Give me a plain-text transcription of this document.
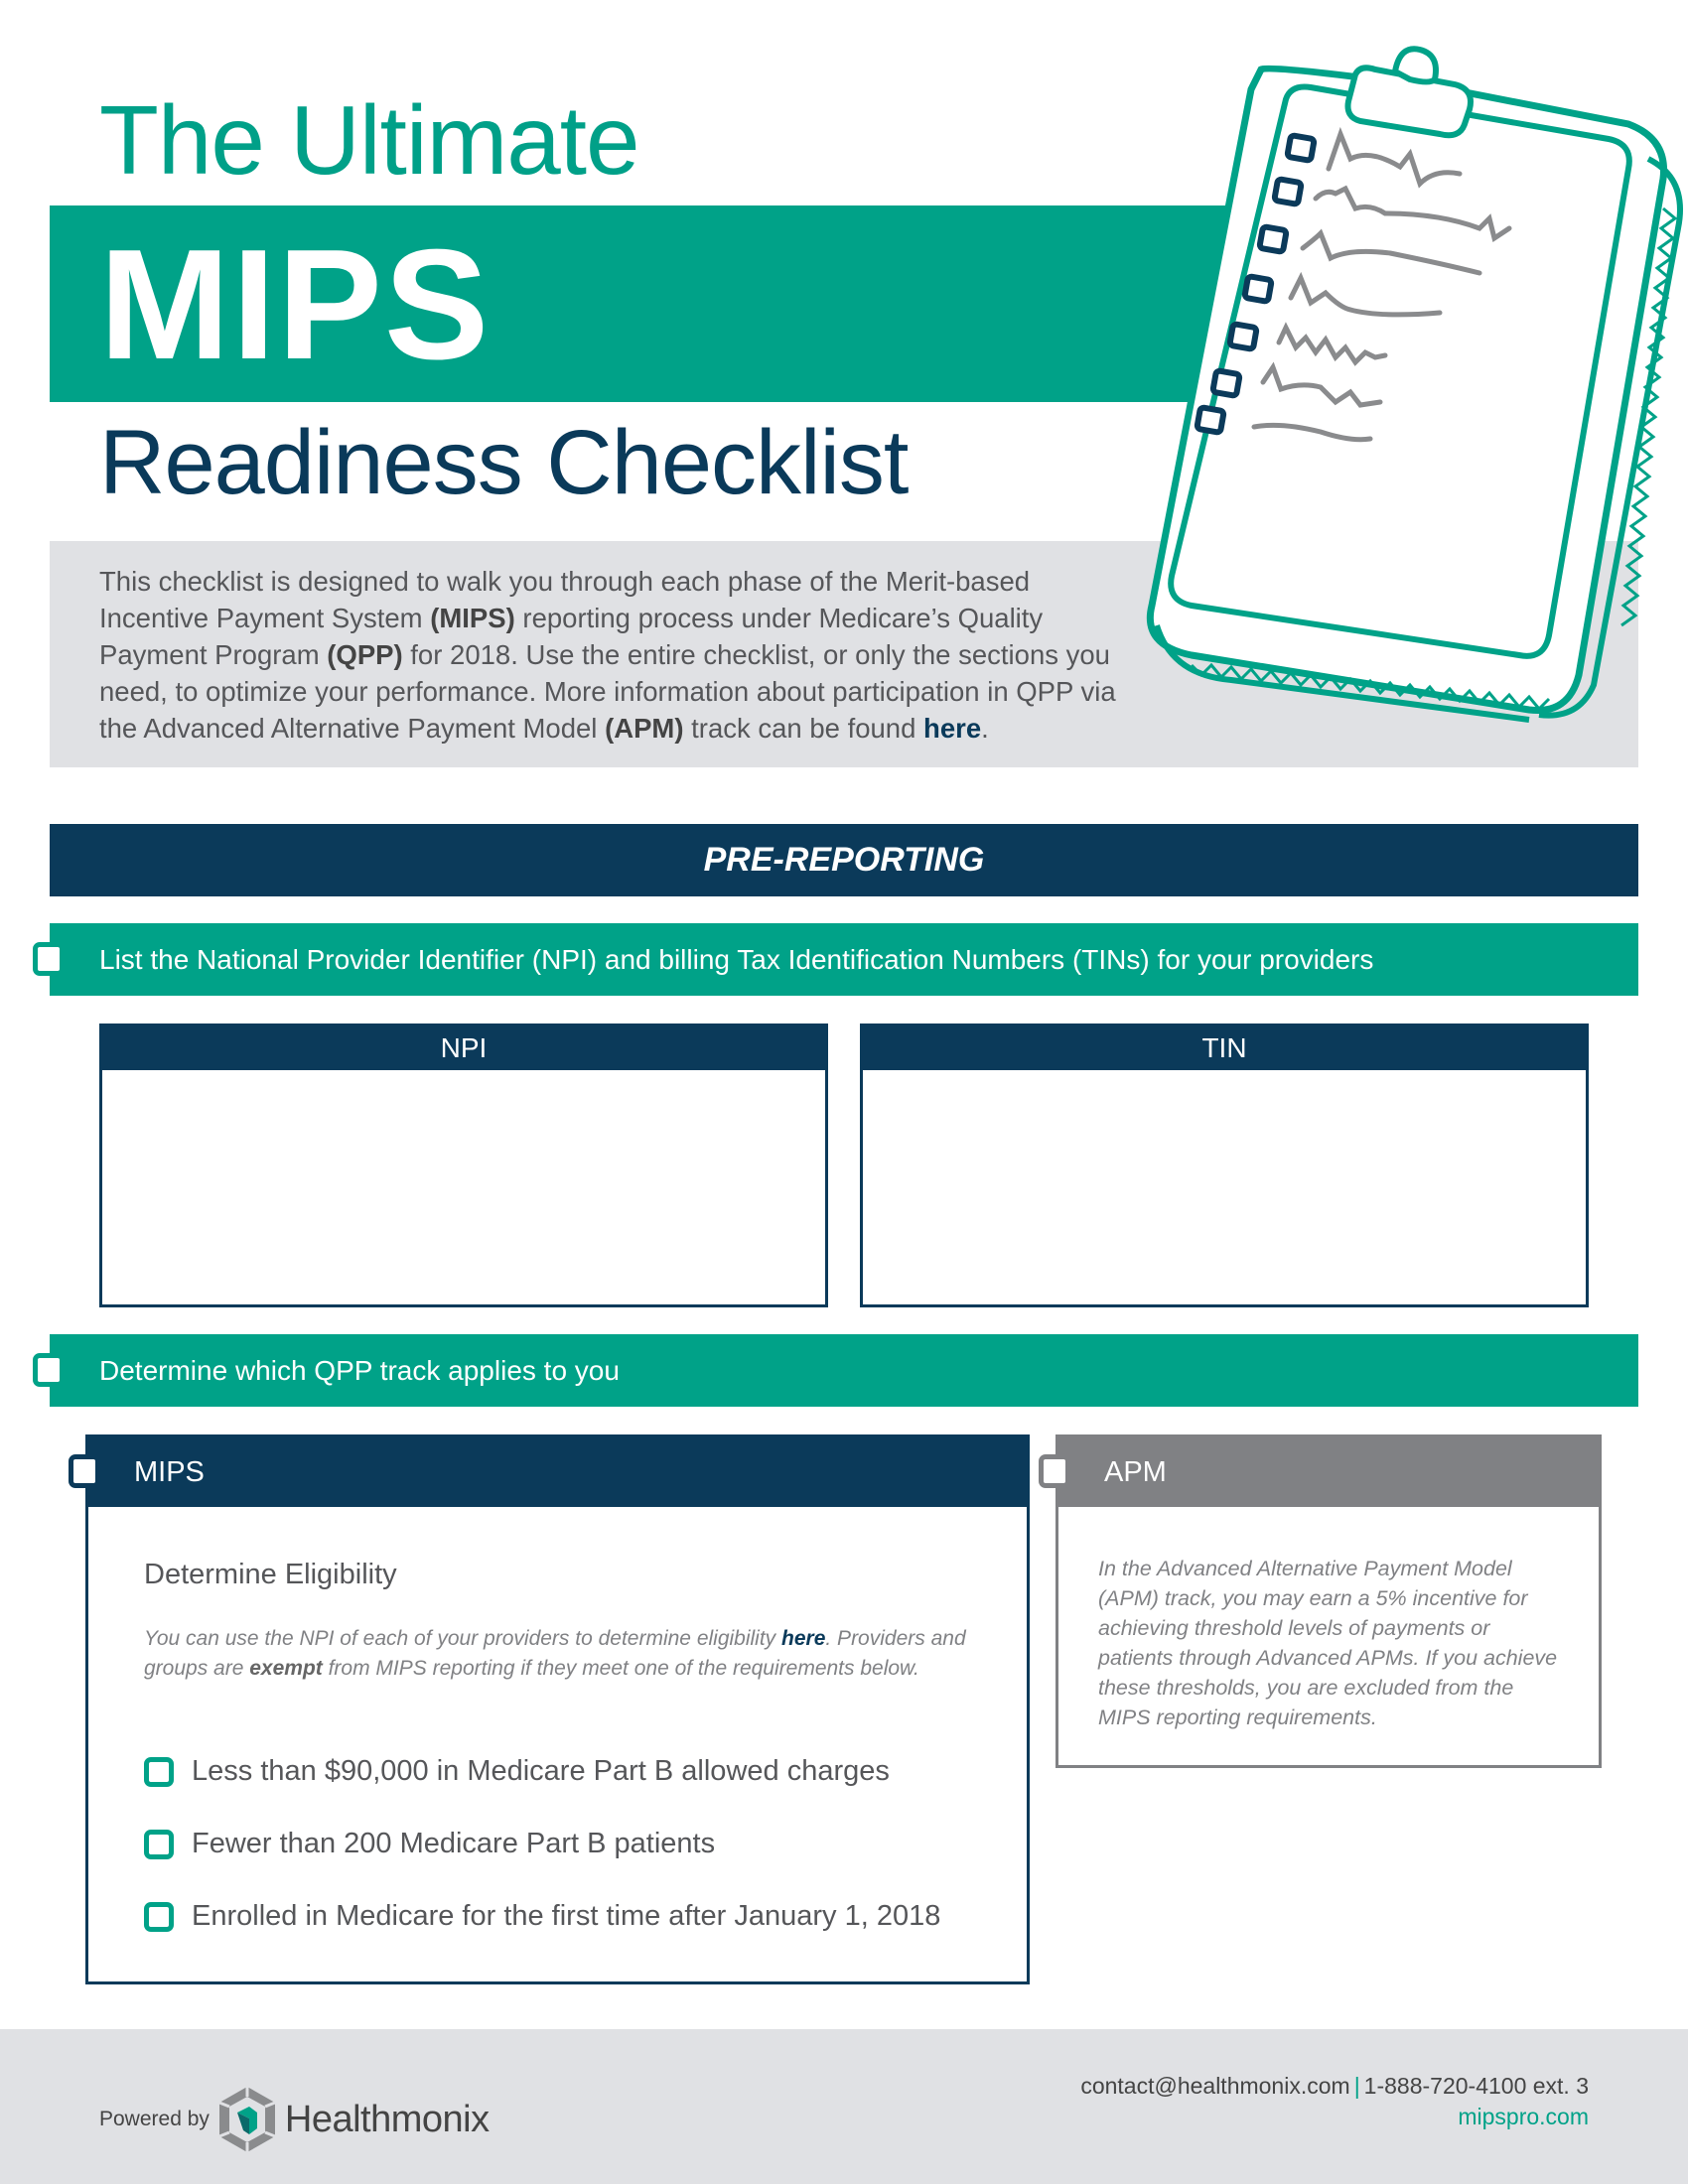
The Ultimate
MIPS
Readiness Checklist
This checklist is designed to walk you through each phase of the Merit-based Incentive Payment System (MIPS) reporting process under Medicare’s Quality Payment Program (QPP) for 2018. Use the entire checklist, or only the sections you need, to optimize your performance. More information about participation in QPP via the Advanced Alternative Payment Model (APM) track can be found here.
PRE-REPORTING
List the National Provider Identifier (NPI) and billing Tax Identification Numbers (TINs) for your providers
NPI	TIN
Determine which QPP track applies to you
MIPS
Determine Eligibility
You can use the NPI of each of your providers to determine eligibility here. Providers and groups are exempt from MIPS reporting if they meet one of the requirements below.
Less than $90,000 in Medicare Part B allowed charges
Fewer than 200 Medicare Part B patients
Enrolled in Medicare for the first time after January 1, 2018
APM
In the Advanced Alternative Payment Model (APM) track, you may earn a 5% incentive for achieving threshold levels of payments or patients through Advanced APMs. If you achieve these thresholds, you are excluded from the MIPS reporting requirements.
Powered by Healthmonix
contact@healthmonix.com | 1-888-720-4100 ext. 3
mipspro.com
